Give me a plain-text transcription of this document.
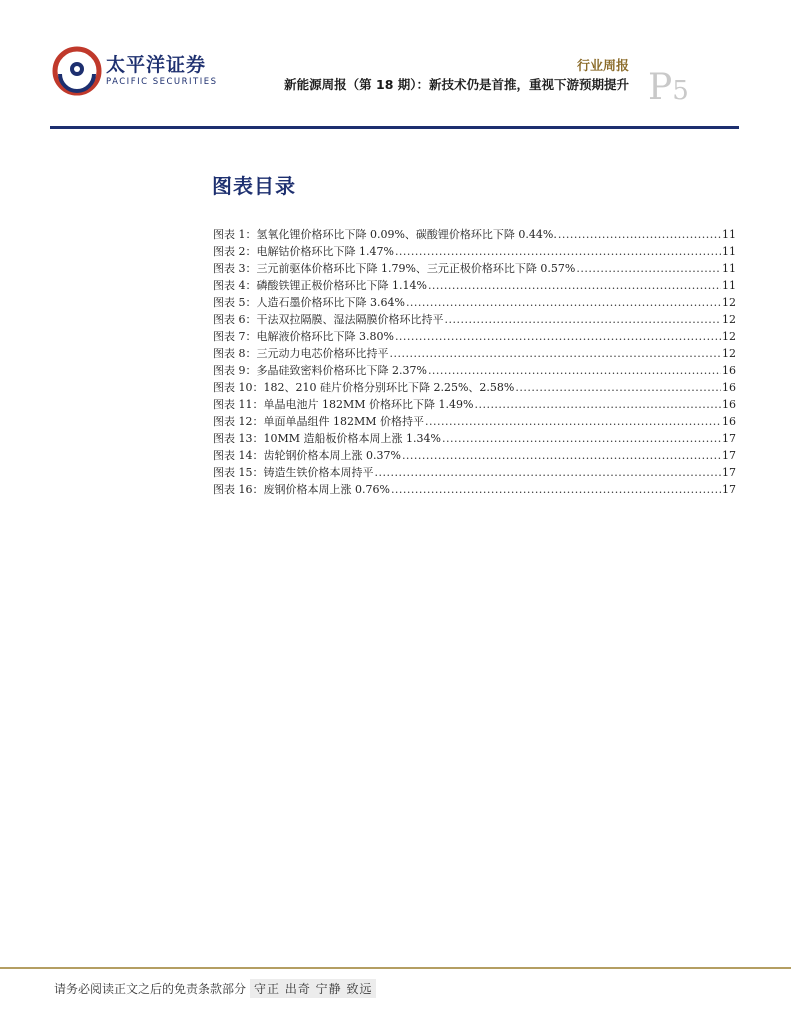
太平洋证券
PACIFIC SECURITIES
行业周报
新能源周报（第 18 期）：新技术仍是首推，重视下游预期提升 P5
图表目录
图表 1：氢氧化锂价格环比下降 0.09%、碳酸锂价格环比下降 0.44%. .....	11
图表 2：电解钴价格环比下降 1.47% .....	11
图表 3：三元前驱体价格环比下降 1.79%、三元正极价格环比下降 0.57% .....	11
图表 4：磷酸铁锂正极价格环比下降 1.14% .....	11
图表 5：人造石墨价格环比下降 3.64% .....	12
图表 6：干法双拉隔膜、湿法隔膜价格环比持平 .....	12
图表 7：电解液价格环比下降 3.80% .....	12
图表 8：三元动力电芯价格环比持平 .....	12
图表 9：多晶硅致密料价格环比下降 2.37% .....	16
图表 10：182、210 硅片价格分别环比下降 2.25%、2.58% .....	16
图表 11：单晶电池片 182MM 价格环比下降 1.49% .....	16
图表 12：单面单晶组件 182MM 价格持平 .....	16
图表 13：10MM 造船板价格本周上涨 1.34% .....	17
图表 14：齿轮钢价格本周上涨 0.37% .....	17
图表 15：铸造生铁价格本周持平 .....	17
图表 16：废钢价格本周上涨 0.76% .....	17
请务必阅读正文之后的免责条款部分 守正 出奇 宁静 致远
